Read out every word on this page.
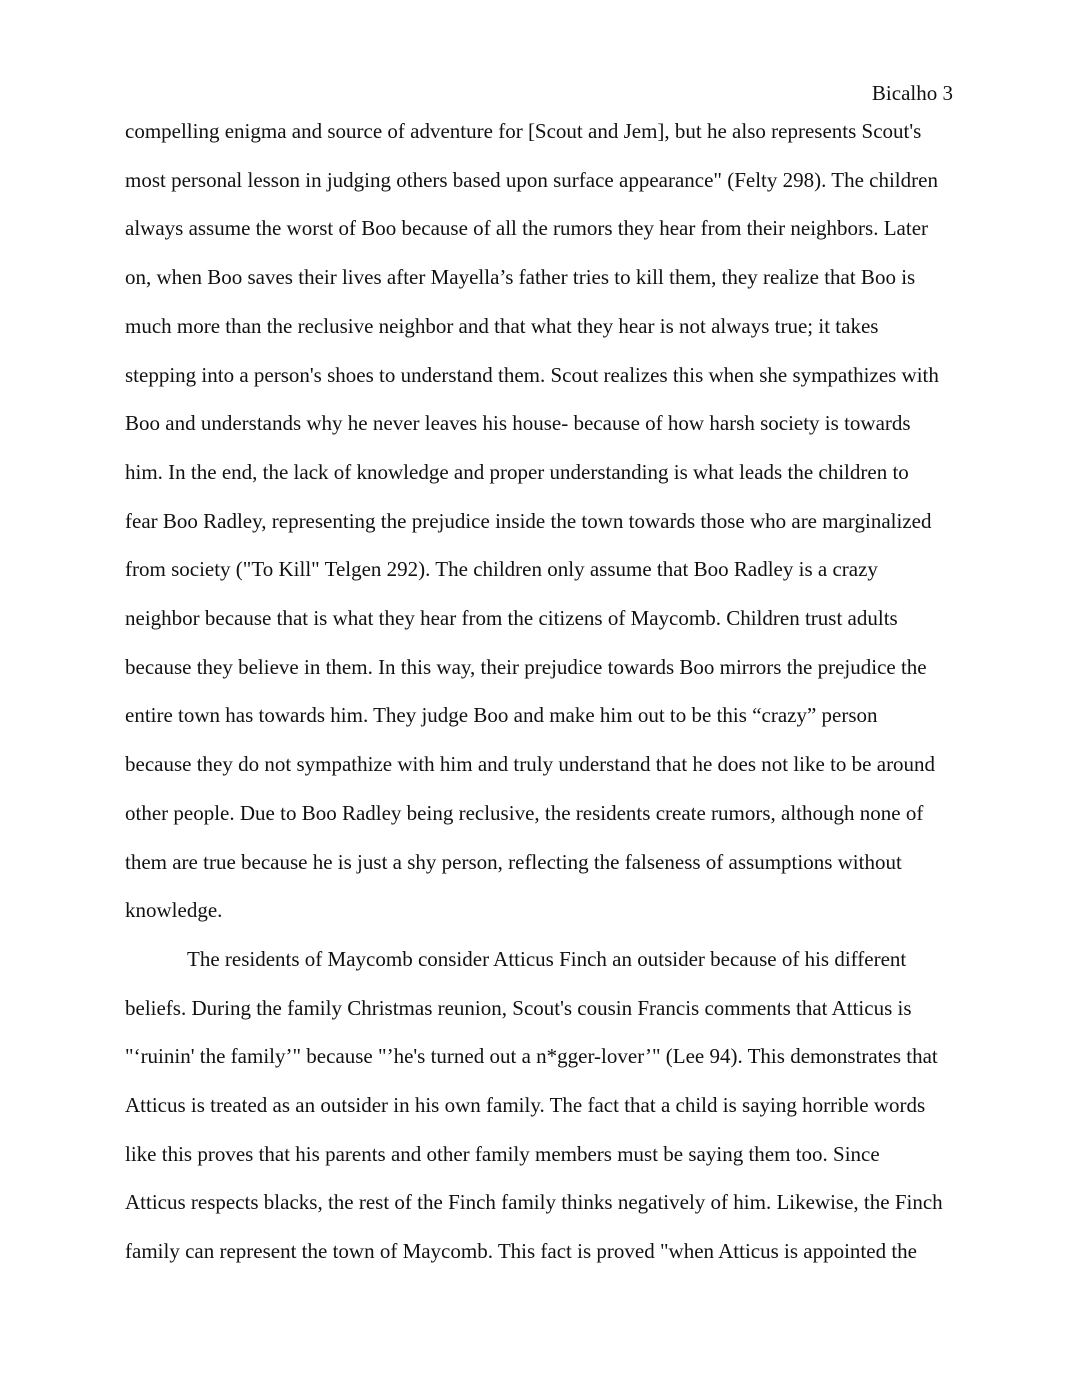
Bicalho 3
compelling enigma and source of adventure for [Scout and Jem], but he also represents Scout's
most personal lesson in judging others based upon surface appearance" (Felty 298). The children
always assume the worst of Boo because of all the rumors they hear from their neighbors. Later
on, when Boo saves their lives after Mayella’s father tries to kill them, they realize that Boo is
much more than the reclusive neighbor and that what they hear is not always true; it takes
stepping into a person's shoes to understand them. Scout realizes this when she sympathizes with
Boo and understands why he never leaves his house- because of how harsh society is towards
him. In the end, the lack of knowledge and proper understanding is what leads the children to
fear Boo Radley, representing the prejudice inside the town towards those who are marginalized
from society ("To Kill" Telgen 292). The children only assume that Boo Radley is a crazy
neighbor because that is what they hear from the citizens of Maycomb. Children trust adults
because they believe in them. In this way, their prejudice towards Boo mirrors the prejudice the
entire town has towards him. They judge Boo and make him out to be this “crazy” person
because they do not sympathize with him and truly understand that he does not like to be around
other people. Due to Boo Radley being reclusive, the residents create rumors, although none of
them are true because he is just a shy person, reflecting the falseness of assumptions without
knowledge.
The residents of Maycomb consider Atticus Finch an outsider because of his different
beliefs. During the family Christmas reunion, Scout's cousin Francis comments that Atticus is
"‘ruinin' the family’" because "’he's turned out a n*gger-lover’" (Lee 94). This demonstrates that
Atticus is treated as an outsider in his own family. The fact that a child is saying horrible words
like this proves that his parents and other family members must be saying them too. Since
Atticus respects blacks, the rest of the Finch family thinks negatively of him. Likewise, the Finch
family can represent the town of Maycomb. This fact is proved "when Atticus is appointed the
